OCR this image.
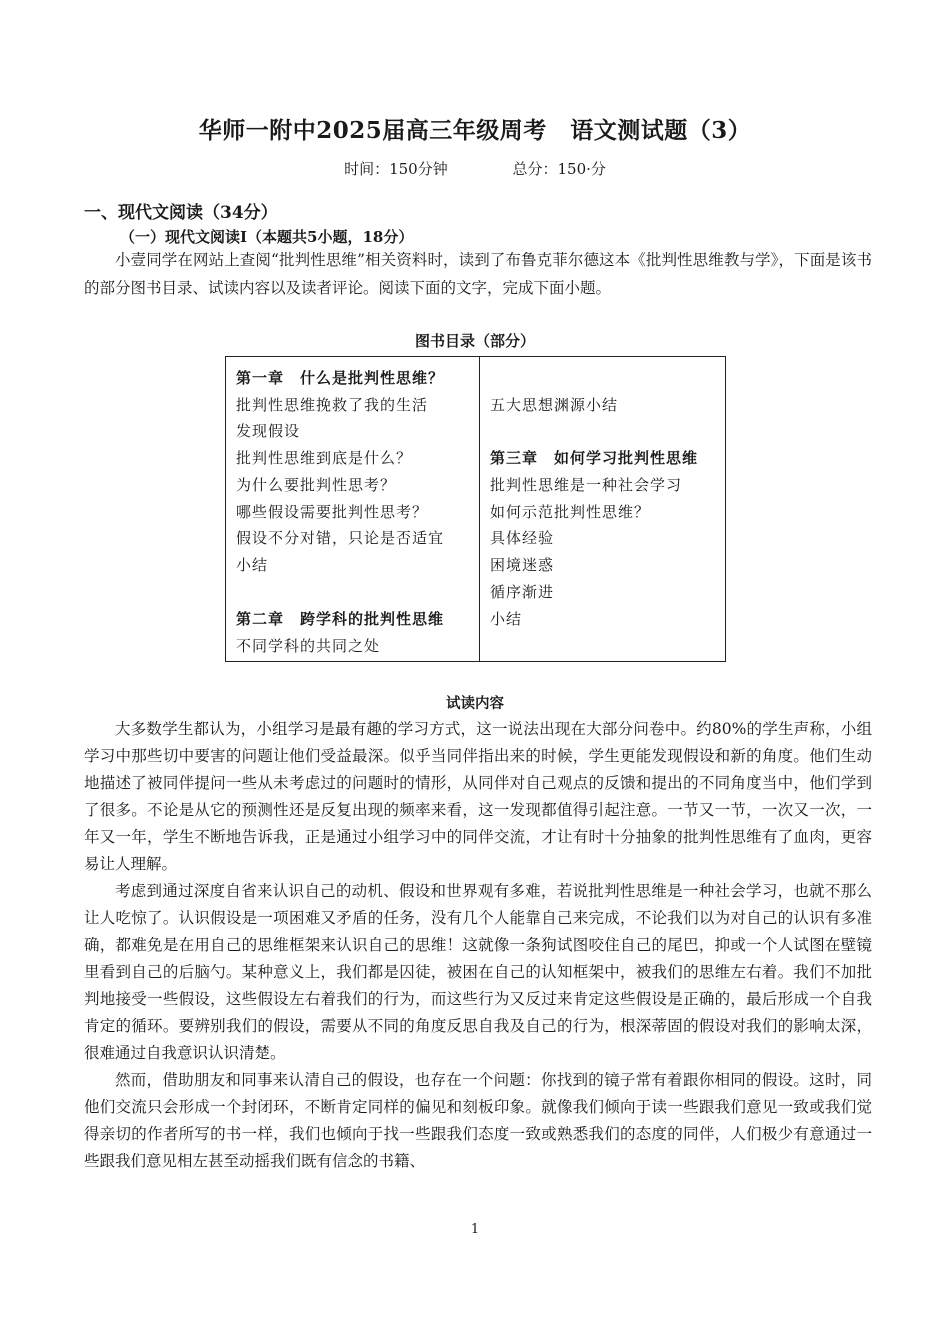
华师一附中2025届高三年级周考　语文测试题（3）
时间：150分钟	总分：150·分
一、现代文阅读（34分）
（一）现代文阅读Ⅰ（本题共5小题，18分）
小壹同学在网站上查阅“批判性思维”相关资料时，读到了布鲁克菲尔德这本《批判性思维教与学》，下面是该书的部分图书目录、试读内容以及读者评论。阅读下面的文字，完成下面小题。
图书目录（部分）
第一章　什么是批判性思维？
批判性思维挽救了我的生活
发现假设
批判性思维到底是什么？
为什么要批判性思考？
哪些假设需要批判性思考？
假设不分对错，只论是否适宜
小结
第二章　跨学科的批判性思维
不同学科的共同之处
五大思想渊源小结
第三章　如何学习批判性思维
批判性思维是一种社会学习
如何示范批判性思维？
具体经验
困境迷惑
循序渐进
小结
试读内容

大多数学生都认为，小组学习是最有趣的学习方式，这一说法出现在大部分问卷中。约80%的学生声称，小组学习中那些切中要害的问题让他们受益最深。似乎当同伴指出来的时候，学生更能发现假设和新的角度。他们生动地描述了被同伴提问一些从未考虑过的问题时的情形，从同伴对自己观点的反馈和提出的不同角度当中，他们学到了很多。不论是从它的预测性还是反复出现的频率来看，这一发现都值得引起注意。一节又一节，一次又一次，一年又一年，学生不断地告诉我，正是通过小组学习中的同伴交流，才让有时十分抽象的批判性思维有了血肉，更容易让人理解。

考虑到通过深度自省来认识自己的动机、假设和世界观有多难，若说批判性思维是一种社会学习，也就不那么让人吃惊了。认识假设是一项困难又矛盾的任务，没有几个人能靠自己来完成，不论我们以为对自己的认识有多准确，都难免是在用自己的思维框架来认识自己的思维！这就像一条狗试图咬住自己的尾巴，抑或一个人试图在壁镜里看到自己的后脑勺。某种意义上，我们都是囚徒，被困在自己的认知框架中，被我们的思维左右着。我们不加批判地接受一些假设，这些假设左右着我们的行为，而这些行为又反过来肯定这些假设是正确的，最后形成一个自我肯定的循环。要辨别我们的假设，需要从不同的角度反思自我及自己的行为，根深蒂固的假设对我们的影响太深，很难通过自我意识认识清楚。

然而，借助朋友和同事来认清自己的假设，也存在一个问题：你找到的镜子常有着跟你相同的假设。这时，同他们交流只会形成一个封闭环，不断肯定同样的偏见和刻板印象。就像我们倾向于读一些跟我们意见一致或我们觉得亲切的作者所写的书一样，我们也倾向于找一些跟我们态度一致或熟悉我们的态度的同伴，人们极少有意通过一些跟我们意见相左甚至动摇我们既有信念的书籍、

1
